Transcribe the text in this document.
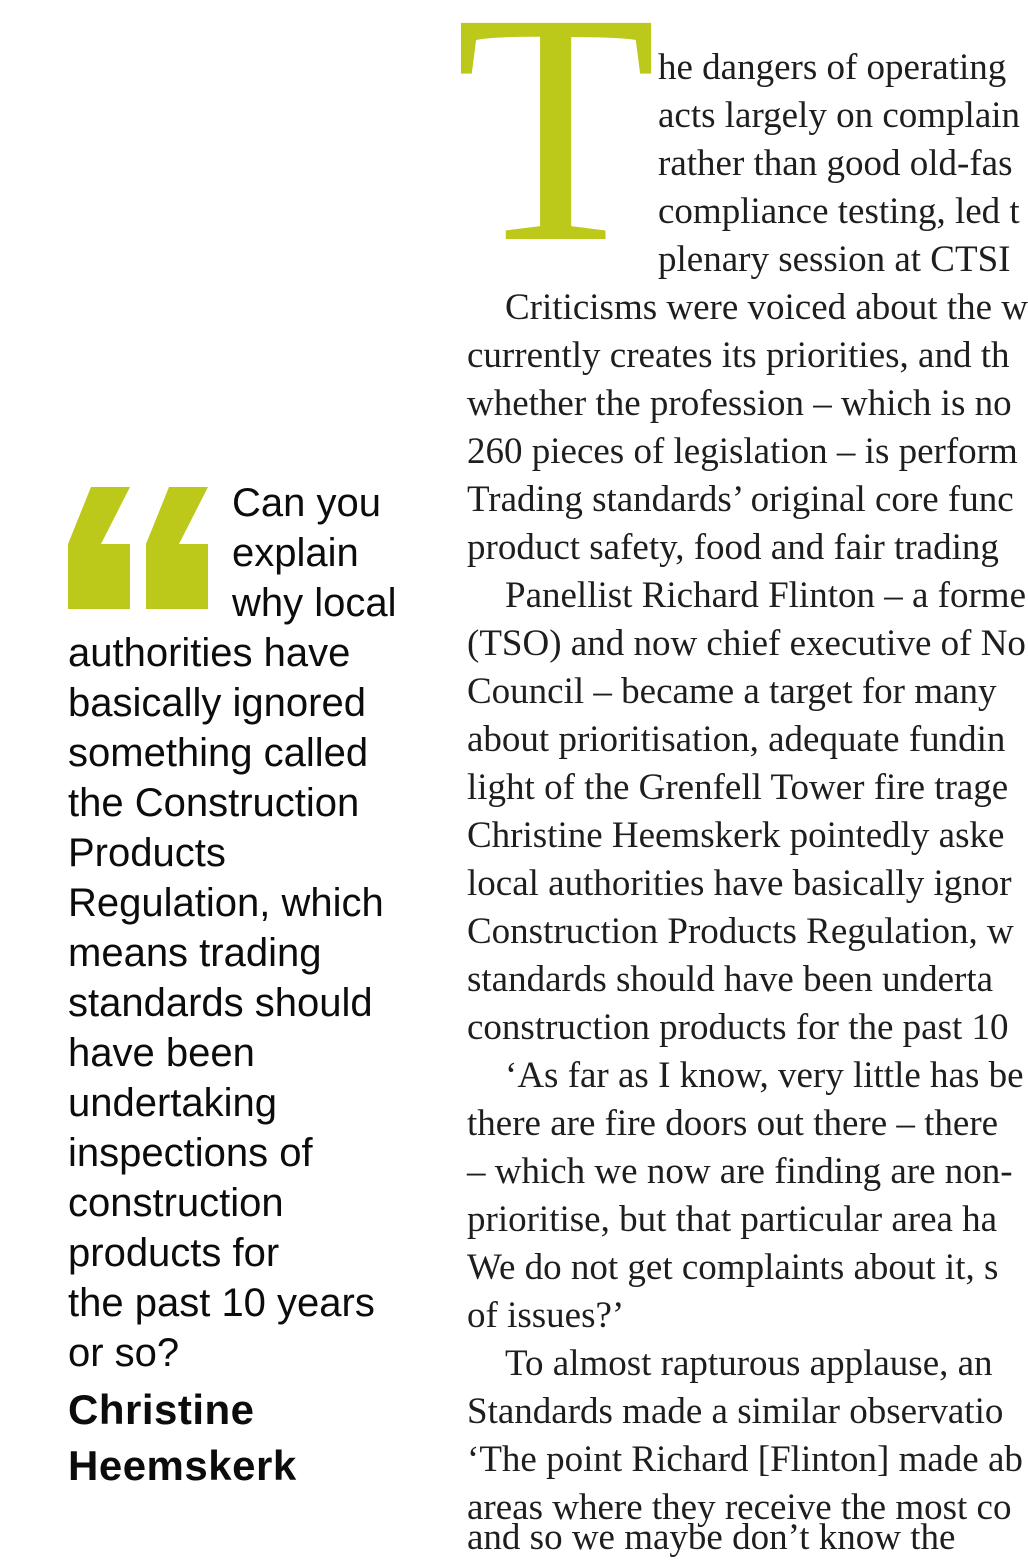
Can you
explain
why local
authorities have
basically ignored
something called
the Construction
Products
Regulation, which
means trading
standards should
have been
undertaking
inspections of
construction
products for
the past 10 years
or so?
Christine
Heemskerk
T he dangers of operating
acts largely on complain
rather than good old-fas
compliance testing, led t
plenary session at CTSI
Criticisms were voiced about the w
currently creates its priorities, and th
whether the profession – which is no
260 pieces of legislation – is perform
Trading standards’ original core func
product safety, food and fair trading
Panellist Richard Flinton – a forme
(TSO) and now chief executive of No
Council – became a target for many
about prioritisation, adequate fundin
light of the Grenfell Tower fire trage
Christine Heemskerk pointedly aske
local authorities have basically ignor
Construction Products Regulation, w
standards should have been underta
construction products for the past 10
‘As far as I know, very little has be
there are fire doors out there – there
– which we now are finding are non-
prioritise, but that particular area ha
We do not get complaints about it, s
of issues?’
To almost rapturous applause, an
Standards made a similar observatio
‘The point Richard [Flinton] made ab
areas where they receive the most co
and so we maybe don’t know the
